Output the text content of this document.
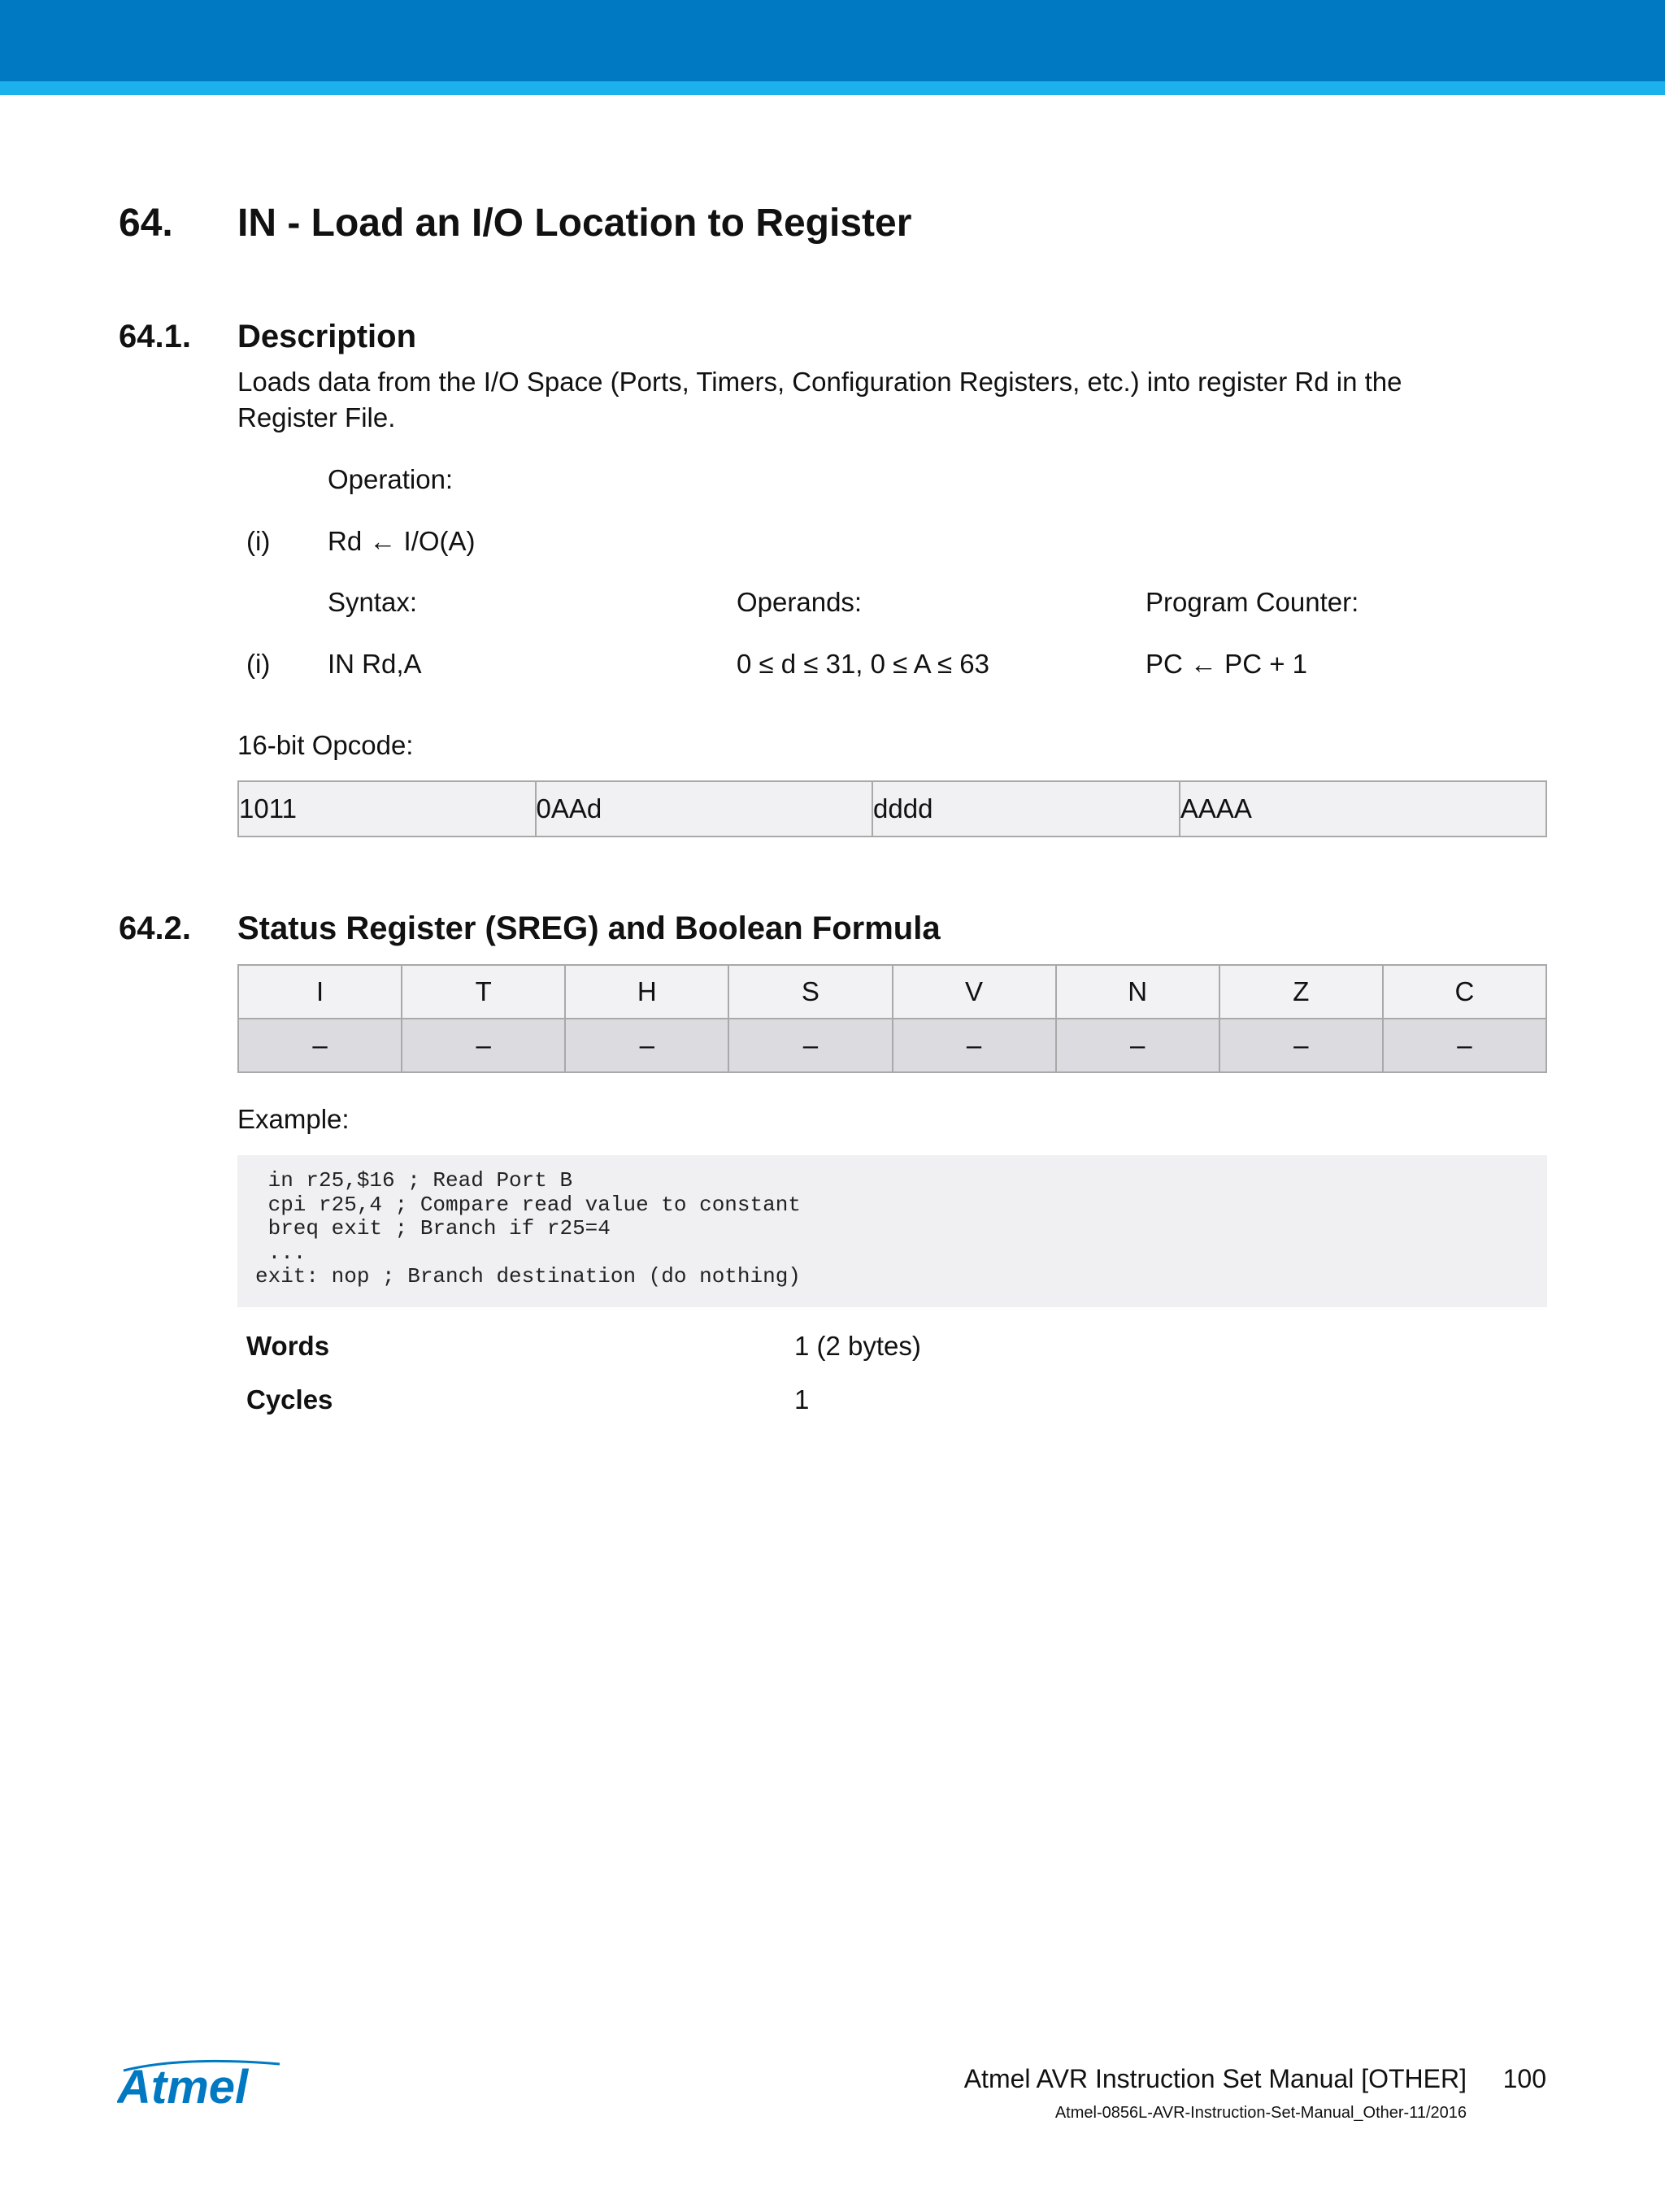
64. IN - Load an I/O Location to Register
64.1. Description
Loads data from the I/O Space (Ports, Timers, Configuration Registers, etc.) into register Rd in the
Register File.
Operation:
(i) Rd ← I/O(A)
Syntax:	Operands:	Program Counter:
(i) IN Rd,A	0 ≤ d ≤ 31, 0 ≤ A ≤ 63	PC ← PC + 1
16-bit Opcode:
1011	0AAd	dddd	AAAA
64.2. Status Register (SREG) and Boolean Formula
I	T	H	S	V	N	Z	C
–	–	–	–	–	–	–	–
Example:
in r25,$16 ; Read Port B
cpi r25,4 ; Compare read value to constant
breq exit ; Branch if r25=4
...
exit: nop ; Branch destination (do nothing)
Words	1 (2 bytes)
Cycles	1
Atmel	Atmel AVR Instruction Set Manual [OTHER] 100
Atmel-0856L-AVR-Instruction-Set-Manual_Other-11/2016
